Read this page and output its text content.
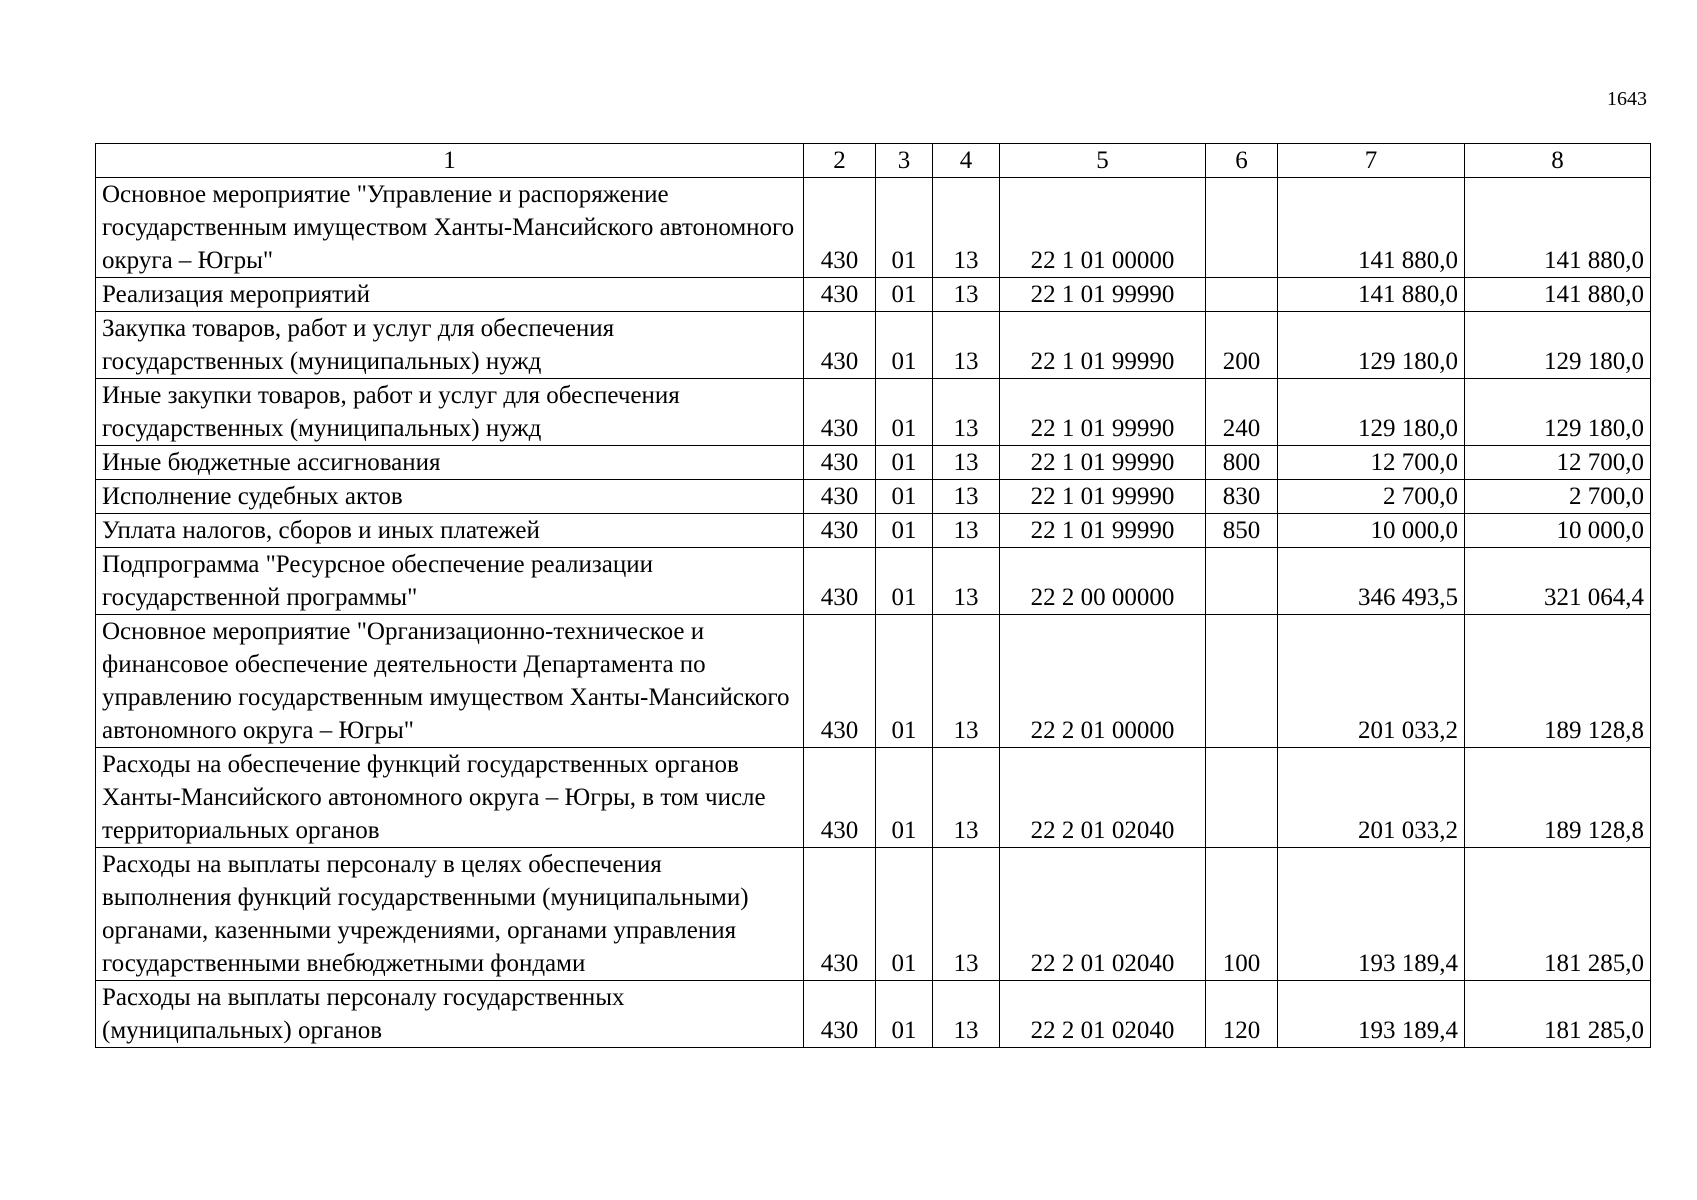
1643
1	2	3	4	5	6	7	8
Основное мероприятие "Управление и распоряжение государственным имуществом Ханты-Мансийского автономного округа – Югры"	430	01	13	22 1 01 00000		141 880,0	141 880,0
Реализация мероприятий	430	01	13	22 1 01 99990		141 880,0	141 880,0
Закупка товаров, работ и услуг для обеспечения государственных (муниципальных) нужд	430	01	13	22 1 01 99990	200	129 180,0	129 180,0
Иные закупки товаров, работ и услуг для обеспечения государственных (муниципальных) нужд	430	01	13	22 1 01 99990	240	129 180,0	129 180,0
Иные бюджетные ассигнования	430	01	13	22 1 01 99990	800	12 700,0	12 700,0
Исполнение судебных актов	430	01	13	22 1 01 99990	830	2 700,0	2 700,0
Уплата налогов, сборов и иных платежей	430	01	13	22 1 01 99990	850	10 000,0	10 000,0
Подпрограмма "Ресурсное обеспечение реализации государственной программы"	430	01	13	22 2 00 00000		346 493,5	321 064,4
Основное мероприятие "Организационно-техническое и финансовое обеспечение деятельности Департамента по управлению государственным имуществом Ханты-Мансийского автономного округа – Югры"	430	01	13	22 2 01 00000		201 033,2	189 128,8
Расходы на обеспечение функций государственных органов Ханты-Мансийского автономного округа – Югры, в том числе территориальных органов	430	01	13	22 2 01 02040		201 033,2	189 128,8
Расходы на выплаты персоналу в целях обеспечения выполнения функций государственными (муниципальными) органами, казенными учреждениями, органами управления государственными внебюджетными фондами	430	01	13	22 2 01 02040	100	193 189,4	181 285,0
Расходы на выплаты персоналу государственных (муниципальных) органов	430	01	13	22 2 01 02040	120	193 189,4	181 285,0
